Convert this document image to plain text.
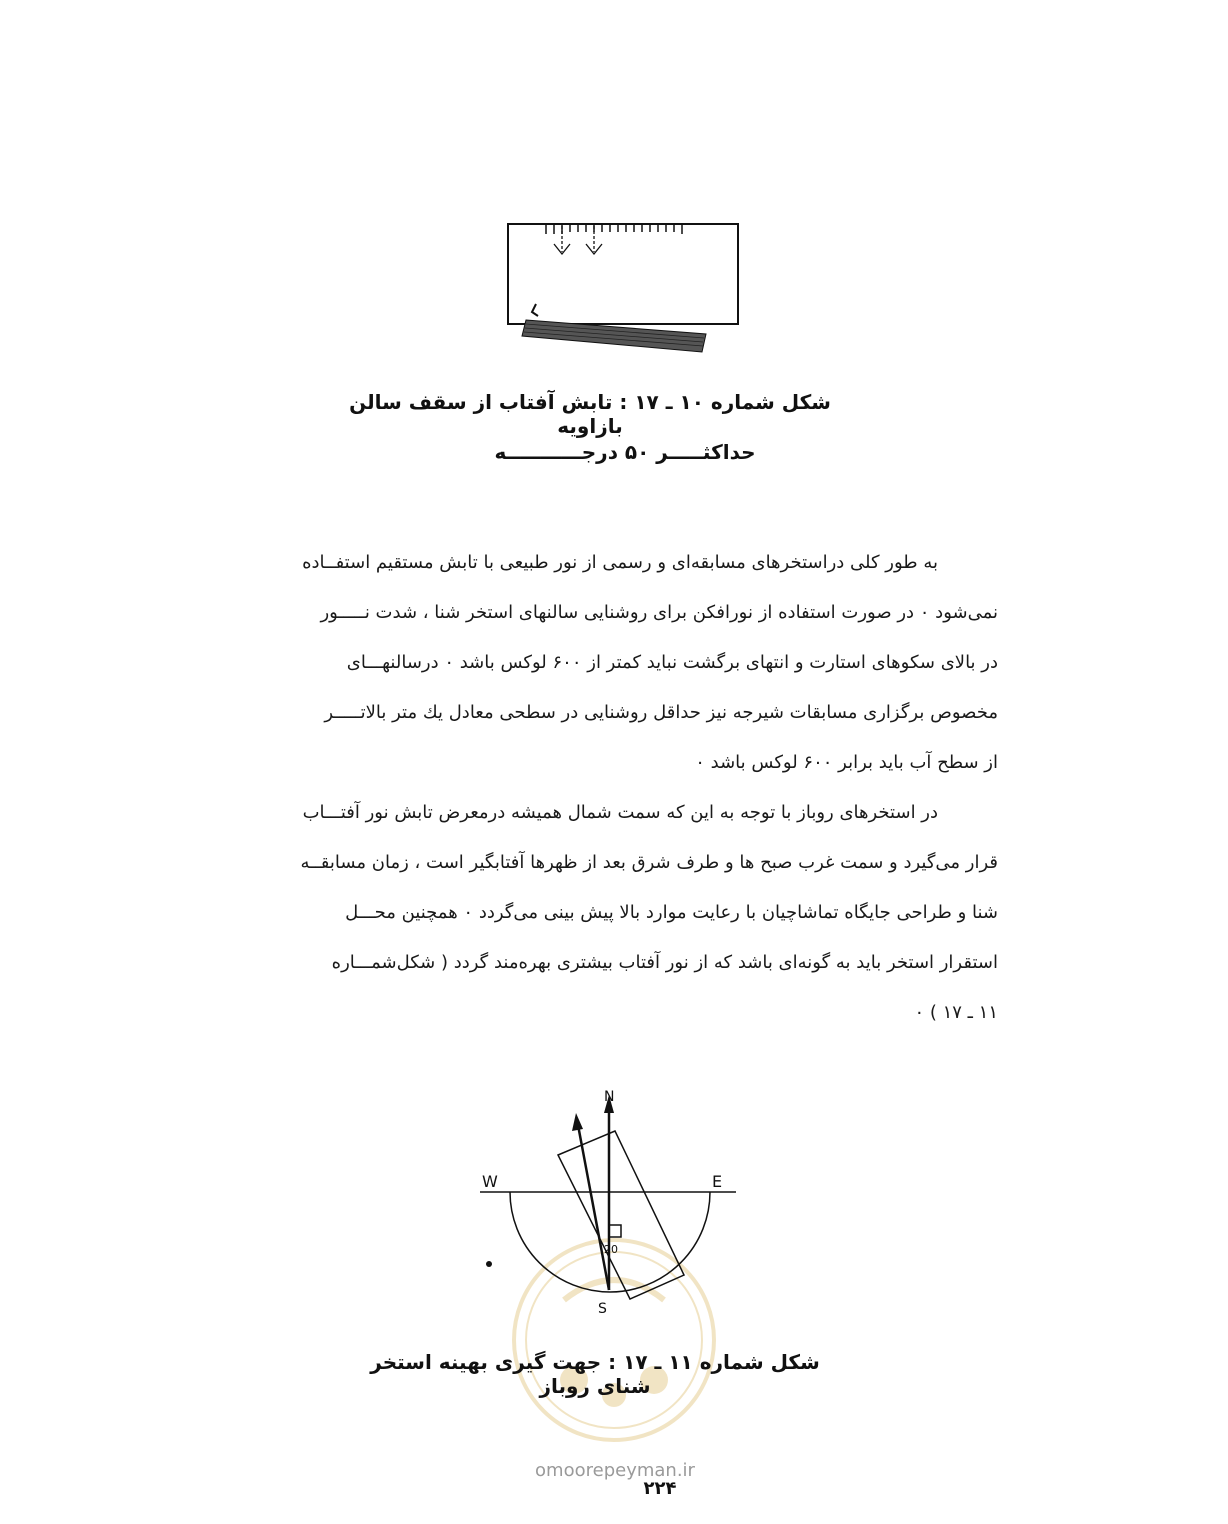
شکل شماره ۱۰ ـ ۱۷ : تابش آفتاب از سقف سالن بازاویه
حداکثـــــر ۵۰ درجـــــــــــه
به طور کلی دراستخرهای مسابقه‌ای و رسمی از نور طبیعی با تابش مستقیم استفــاده
نمی‌شود ۰ در صورت استفاده از نورافکن برای روشنایی سالنهای استخر شنا ، شدت نـــــور
در بالای سکوهای استارت و انتهای برگشت نباید کمتر از ۶۰۰ لوکس باشد ۰ درسالنهـــای
مخصوص برگزاری مسابقات شیرجه نیز حداقل روشنایی در سطحی معادل یك متر بالاتـــــر
از سطح آب باید برابر ۶۰۰ لوکس باشد ۰
در استخرهای روباز با توجه به این که سمت شمال همیشه درمعرض تابش نور آفتـــاب
قرار می‌گیرد و سمت غرب صبح ها و طرف شرق بعد از ظهرها آفتابگیر است ، زمان مسابقــه
شنا و طراحی جایگاه تماشاچیان با رعایت موارد بالا پیش بینی می‌گردد ۰ همچنین محـــل
استقرار استخر باید به گونه‌ای باشد که از نور آفتاب بیشتری بهره‌مند گردد ( شکل‌شمـــاره
۱۱ ـ ۱۷ ) ۰
20
N
W	E
S
شکل شماره ۱۱ ـ ۱۷ : جهت گیری بهینه استخر شنای روباز
omoorepeyman.ir
۲۲۴
